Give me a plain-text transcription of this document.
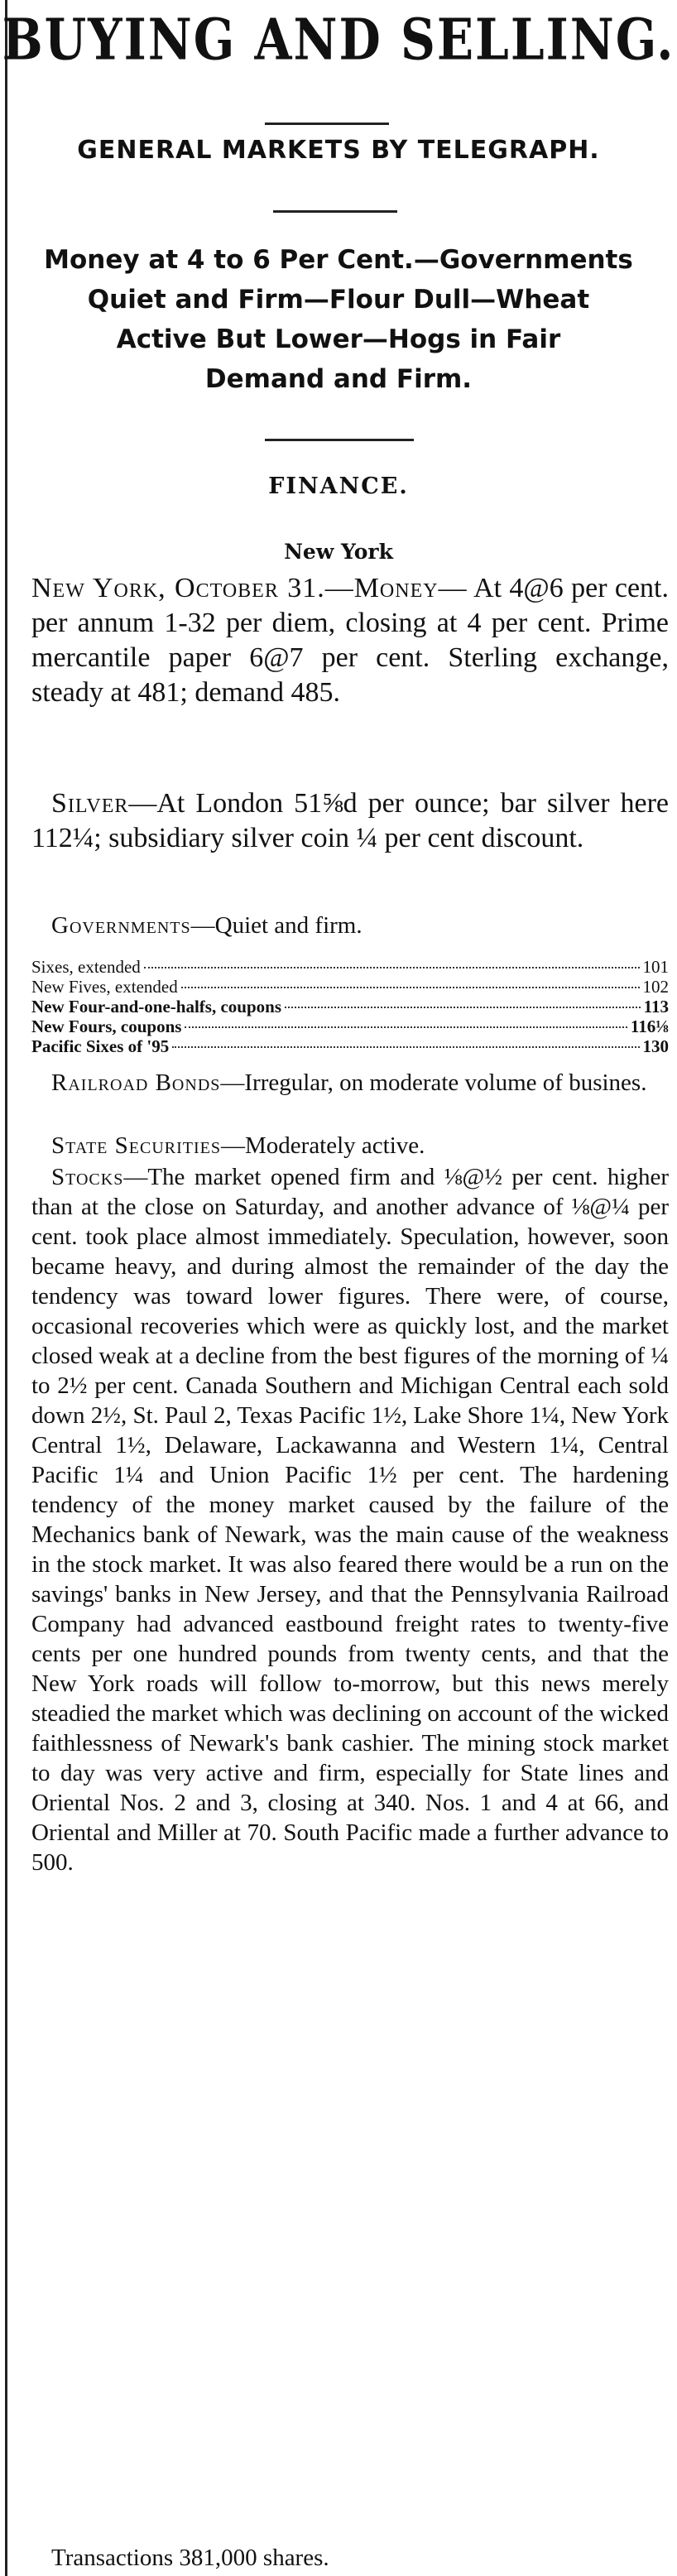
BUYING AND SELLING.
GENERAL MARKETS BY TELEGRAPH.
Money at 4 to 6 Per Cent.—Governments
Quiet and Firm—Flour Dull—Wheat
Active But Lower—Hogs in Fair
Demand and Firm.
FINANCE.
New York
New York, October 31.—Money— At 4@6 per cent. per annum 1-32 per diem, closing at 4 per cent. Prime mercantile paper 6@7 per cent. Sterling exchange, steady at 481; demand 485.
Silver—At London 51⅝d per ounce; bar silver here 112¼; subsidiary silver coin ¼ per cent discount.
Governments—Quiet and firm.
Sixes, extended	101
New Fives, extended	102
New Four-and-one-halfs, coupons	113
New Fours, coupons	116⅛
Pacific Sixes of '95	130
Railroad Bonds—Irregular, on moderate volume of busines.
State Securities—Moderately active.
Stocks—The market opened firm and ⅛@½ per cent. higher than at the close on Saturday, and another advance of ⅛@¼ per cent. took place almost immediately. Speculation, however, soon became heavy, and during almost the remainder of the day the tendency was toward lower figures. There were, of course, occasional recoveries which were as quickly lost, and the market closed weak at a decline from the best figures of the morning of ¼ to 2½ per cent. Canada Southern and Michigan Central each sold down 2½, St. Paul 2, Texas Pacific 1½, Lake Shore 1¼, New York Central 1½, Delaware, Lackawanna and Western 1¼, Central Pacific 1¼ and Union Pacific 1½ per cent. The hardening tendency of the money market caused by the failure of the Mechanics bank of Newark, was the main cause of the weakness in the stock market. It was also feared there would be a run on the savings' banks in New Jersey, and that the Pennsylvania Railroad Company had advanced eastbound freight rates to twenty-five cents per one hundred pounds from twenty cents, and that the New York roads will follow to-morrow, but this news merely steadied the market which was declining on account of the wicked faithlessness of Newark's bank cashier. The mining stock market to day was very active and firm, especially for State lines and Oriental Nos. 2 and 3, closing at 340. Nos. 1 and 4 at 66, and Oriental and Miller at 70. South Pacific made a further advance to 500.
Transactions 381,000 shares.
